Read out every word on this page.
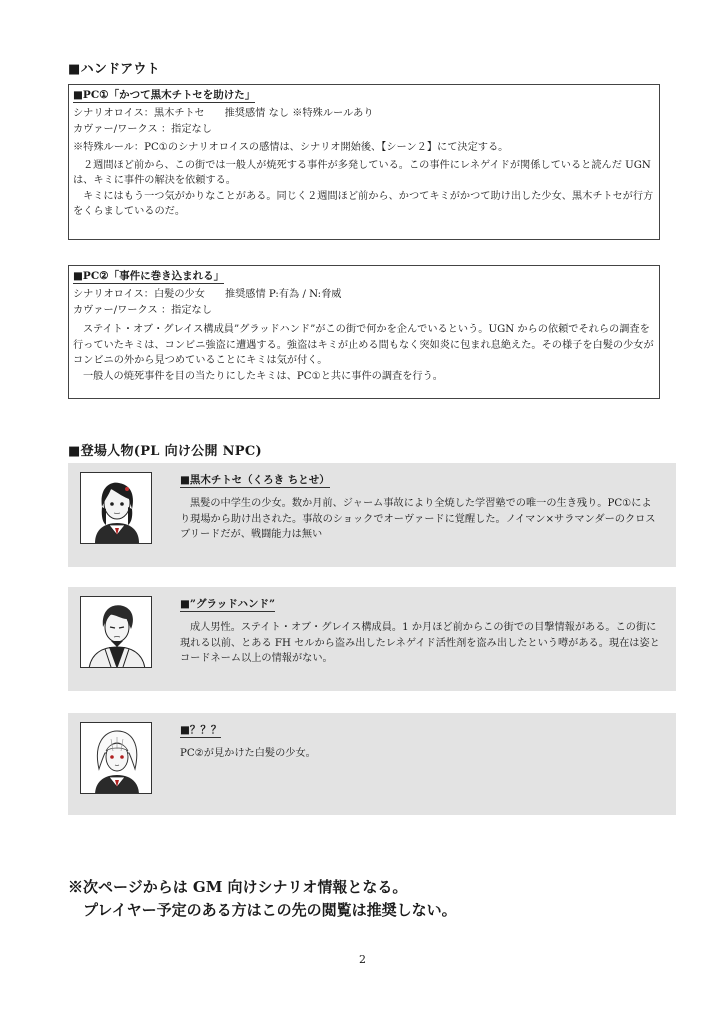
■ハンドアウト
■PC①「かつて黒木チトセを助けた」
シナリオロイス：黒木チトセ 推奨感情 なし ※特殊ルールあり
カヴァー/ワークス ：指定なし
※特殊ルール：PC①のシナリオロイスの感情は、シナリオ開始後、【シーン２】にて決定する。
２週間ほど前から、この街では一般人が焼死する事件が多発している。この事件にレネゲイドが関係していると読んだ UGN は、キミに事件の解決を依頼する。
キミにはもう一つ気がかりなことがある。同じく２週間ほど前から、かつてキミがかつて助け出した少女、黒木チトセが行方をくらましているのだ。
■PC②「事件に巻き込まれる」
シナリオロイス：白髪の少女 推奨感情 P:有為 / N:脅威
カヴァー/ワークス ：指定なし
ステイト・オブ・グレイス構成員”グラッドハンド”がこの街で何かを企んでいるという。UGN からの依頼でそれらの調査を行っていたキミは、コンビニ強盗に遭遇する。強盗はキミが止める間もなく突如炎に包まれ息絶えた。その様子を白髪の少女がコンビニの外から見つめていることにキミは気が付く。
一般人の焼死事件を目の当たりにしたキミは、PC①と共に事件の調査を行う。
■登場人物(PL 向け公開 NPC)
■黒木チトセ（くろき ちとせ）
黒髪の中学生の少女。数か月前、ジャーム事故により全焼した学習塾での唯一の生き残り。PC①により現場から助け出された。事故のショックでオーヴァードに覚醒した。ノイマン×サラマンダーのクロスブリードだが、戦闘能力は無い
■”グラッドハンド”
成人男性。ステイト・オブ・グレイス構成員。1 か月ほど前からこの街での目撃情報がある。この街に現れる以前、とある FH セルから盗み出したレネゲイド活性剤を盗み出したという噂がある。現在は姿とコードネーム以上の情報がない。
■？？？
PC②が見かけた白髪の少女。
※次ページからは GM 向けシナリオ情報となる。
プレイヤー予定のある方はこの先の閲覧は推奨しない。
2
